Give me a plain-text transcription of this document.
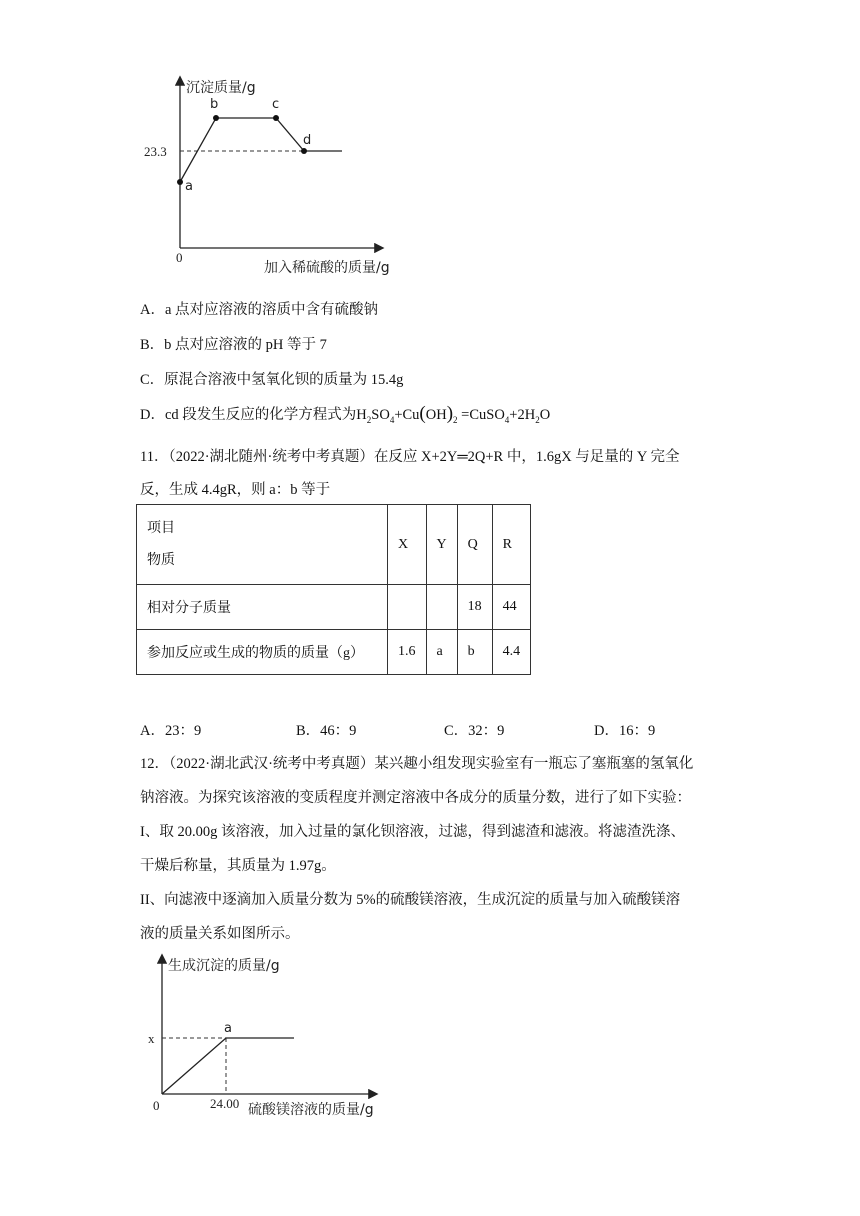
沉淀质量/g
加入稀硫酸的质量/g
0
23.3
a
b	c
d
A．a 点对应溶液的溶质中含有硫酸钠
B．b 点对应溶液的 pH 等于 7
C．原混合溶液中氢氧化钡的质量为 15.4g
D．cd 段发生反应的化学方程式为$H_2SO_4+Cu(OH)_2$ $=CuSO_4+2H_2O$
11．（2022·湖北随州·统考中考真题）在反应 X+2Y═2Q+R 中，1.6gX 与足量的 Y 完全
反，生成 4.4gR，则 a：b 等于
项目
物质	X	Y	Q	R
相对分子质量			18	44
参加反应或生成的物质的质量（g）	1.6	a	b	4.4
A．23：9	B．46：9	C．32：9	D．16：9
12．（2022·湖北武汉·统考中考真题）某兴趣小组发现实验室有一瓶忘了塞瓶塞的氢氧化
钠溶液。为探究该溶液的变质程度并测定溶液中各成分的质量分数，进行了如下实验：
I、取 20.00g 该溶液，加入过量的氯化钡溶液，过滤，得到滤渣和滤液。将滤渣洗涤、
干燥后称量，其质量为 1.97g。
II、向滤液中逐滴加入质量分数为 5%的硫酸镁溶液，生成沉淀的质量与加入硫酸镁溶
液的质量关系如图所示。
生成沉淀的质量/g
硫酸镁溶液的质量/g
0
x
24.00
a
